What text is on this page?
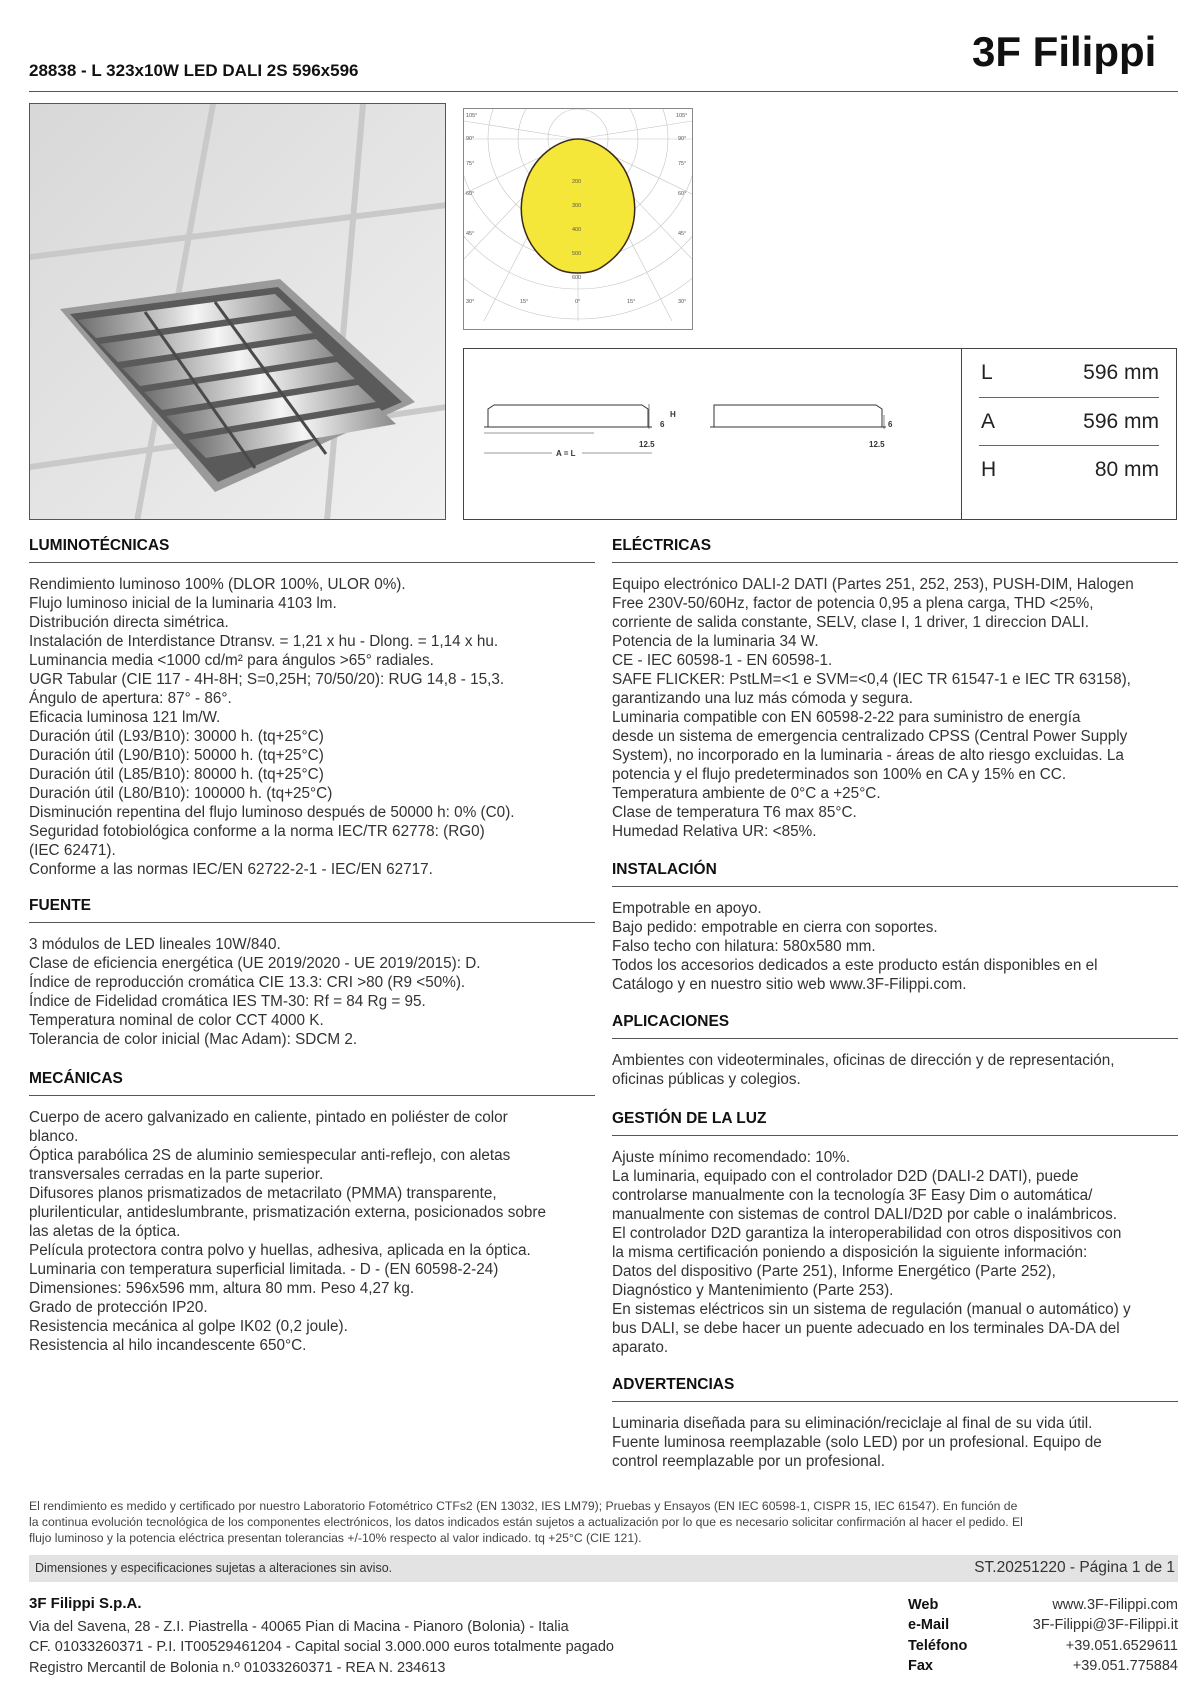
28838 - L 323x10W LED DALI 2S 596x596	3F Filippi
105°
90°
75°
60°
45°
30°
105°
90°
75°
60°
45°
30°
15°	0°	15°
200
300
400
500
600
H
6
12.5
6
12.5
A = L
L	596 mm
A	596 mm
H	80 mm
LUMINOTÉCNICAS
Rendimiento luminoso 100% (DLOR 100%, ULOR 0%).
Flujo luminoso inicial de la luminaria 4103 lm.
Distribución directa simétrica.
Instalación de Interdistance Dtransv. = 1,21 x hu - Dlong. = 1,14 x hu.
Luminancia media <1000 cd/m² para ángulos >65° radiales.
UGR Tabular (CIE 117 - 4H-8H; S=0,25H; 70/50/20): RUG 14,8 - 15,3.
Ángulo de apertura: 87° - 86°.
Eficacia luminosa 121 lm/W.
Duración útil (L93/B10): 30000 h. (tq+25°C)
Duración útil (L90/B10): 50000 h. (tq+25°C)
Duración útil (L85/B10): 80000 h. (tq+25°C)
Duración útil (L80/B10): 100000 h. (tq+25°C)
Disminución repentina del flujo luminoso después de 50000 h: 0% (C0).
Seguridad fotobiológica conforme a la norma IEC/TR 62778: (RG0)
(IEC 62471).
Conforme a las normas IEC/EN 62722-2-1 - IEC/EN 62717.
FUENTE
3 módulos de LED lineales 10W/840.
Clase de eficiencia energética (UE 2019/2020 - UE 2019/2015): D.
Índice de reproducción cromática CIE 13.3: CRI >80 (R9 <50%).
Índice de Fidelidad cromática IES TM-30: Rf = 84 Rg = 95.
Temperatura nominal de color CCT 4000 K.
Tolerancia de color inicial (Mac Adam): SDCM 2.
MECÁNICAS
Cuerpo de acero galvanizado en caliente, pintado en poliéster de color
blanco.
Óptica parabólica 2S de aluminio semiespecular anti-reflejo, con aletas
transversales cerradas en la parte superior.
Difusores planos prismatizados de metacrilato (PMMA) transparente,
plurilenticular, antideslumbrante, prismatización externa, posicionados sobre
las aletas de la óptica.
Película protectora contra polvo y huellas, adhesiva, aplicada en la óptica.
Luminaria con temperatura superficial limitada. - D - (EN 60598-2-24)
Dimensiones: 596x596 mm, altura 80 mm. Peso 4,27 kg.
Grado de protección IP20.
Resistencia mecánica al golpe IK02 (0,2 joule).
Resistencia al hilo incandescente 650°C.
ELÉCTRICAS
Equipo electrónico DALI-2 DATI (Partes 251, 252, 253), PUSH-DIM, Halogen
Free 230V-50/60Hz, factor de potencia 0,95 a plena carga, THD <25%,
corriente de salida constante, SELV, clase I, 1 driver, 1 direccion DALI.
Potencia de la luminaria 34 W.
CE - IEC 60598-1 - EN 60598-1.
SAFE FLICKER: PstLM=<1 e SVM=<0,4 (IEC TR 61547-1 e IEC TR 63158),
garantizando una luz más cómoda y segura.
Luminaria compatible con EN 60598-2-22 para suministro de energía
desde un sistema de emergencia centralizado CPSS (Central Power Supply
System), no incorporado en la luminaria - áreas de alto riesgo excluidas. La
potencia y el flujo predeterminados son 100% en CA y 15% en CC.
Temperatura ambiente de 0°C a +25°C.
Clase de temperatura T6 max 85°C.
Humedad Relativa UR: <85%.
INSTALACIÓN
Empotrable en apoyo.
Bajo pedido: empotrable en cierra con soportes.
Falso techo con hilatura: 580x580 mm.
Todos los accesorios dedicados a este producto están disponibles en el
Catálogo y en nuestro sitio web www.3F-Filippi.com.
APLICACIONES
Ambientes con videoterminales, oficinas de dirección y de representación,
oficinas públicas y colegios.
GESTIÓN DE LA LUZ
Ajuste mínimo recomendado: 10%.
La luminaria, equipado con el controlador D2D (DALI-2 DATI), puede
controlarse manualmente con la tecnología 3F Easy Dim o automática/
manualmente con sistemas de control DALI/D2D por cable o inalámbricos.
El controlador D2D garantiza la interoperabilidad con otros dispositivos con
la misma certificación poniendo a disposición la siguiente información:
Datos del dispositivo (Parte 251), Informe Energético (Parte 252),
Diagnóstico y Mantenimiento (Parte 253).
En sistemas eléctricos sin un sistema de regulación (manual o automático) y
bus DALI, se debe hacer un puente adecuado en los terminales DA-DA del
aparato.
ADVERTENCIAS
Luminaria diseñada para su eliminación/reciclaje al final de su vida útil.
Fuente luminosa reemplazable (solo LED) por un profesional. Equipo de
control reemplazable por un profesional.
El rendimiento es medido y certificado por nuestro Laboratorio Fotométrico CTFs2 (EN 13032, IES LM79); Pruebas y Ensayos (EN IEC 60598-1, CISPR 15, IEC 61547). En función de
la continua evolución tecnológica de los componentes electrónicos, los datos indicados están sujetos a actualización por lo que es necesario solicitar confirmación al hacer el pedido. El
flujo luminoso y la potencia eléctrica presentan tolerancias +/-10% respecto al valor indicado. tq +25°C (CIE 121).
Dimensiones y especificaciones sujetas a alteraciones sin aviso.	ST.20251220 - Página 1 de 1
3F Filippi S.p.A.
Via del Savena, 28 - Z.I. Piastrella - 40065 Pian di Macina - Pianoro (Bolonia) - Italia
CF. 01033260371 - P.I. IT00529461204 - Capital social 3.000.000 euros totalmente pagado
Registro Mercantil de Bolonia n.º 01033260371 - REA N. 234613
Web	www.3F-Filippi.com
e-Mail	3F-Filippi@3F-Filippi.it
Teléfono	+39.051.6529611
Fax	+39.051.775884
